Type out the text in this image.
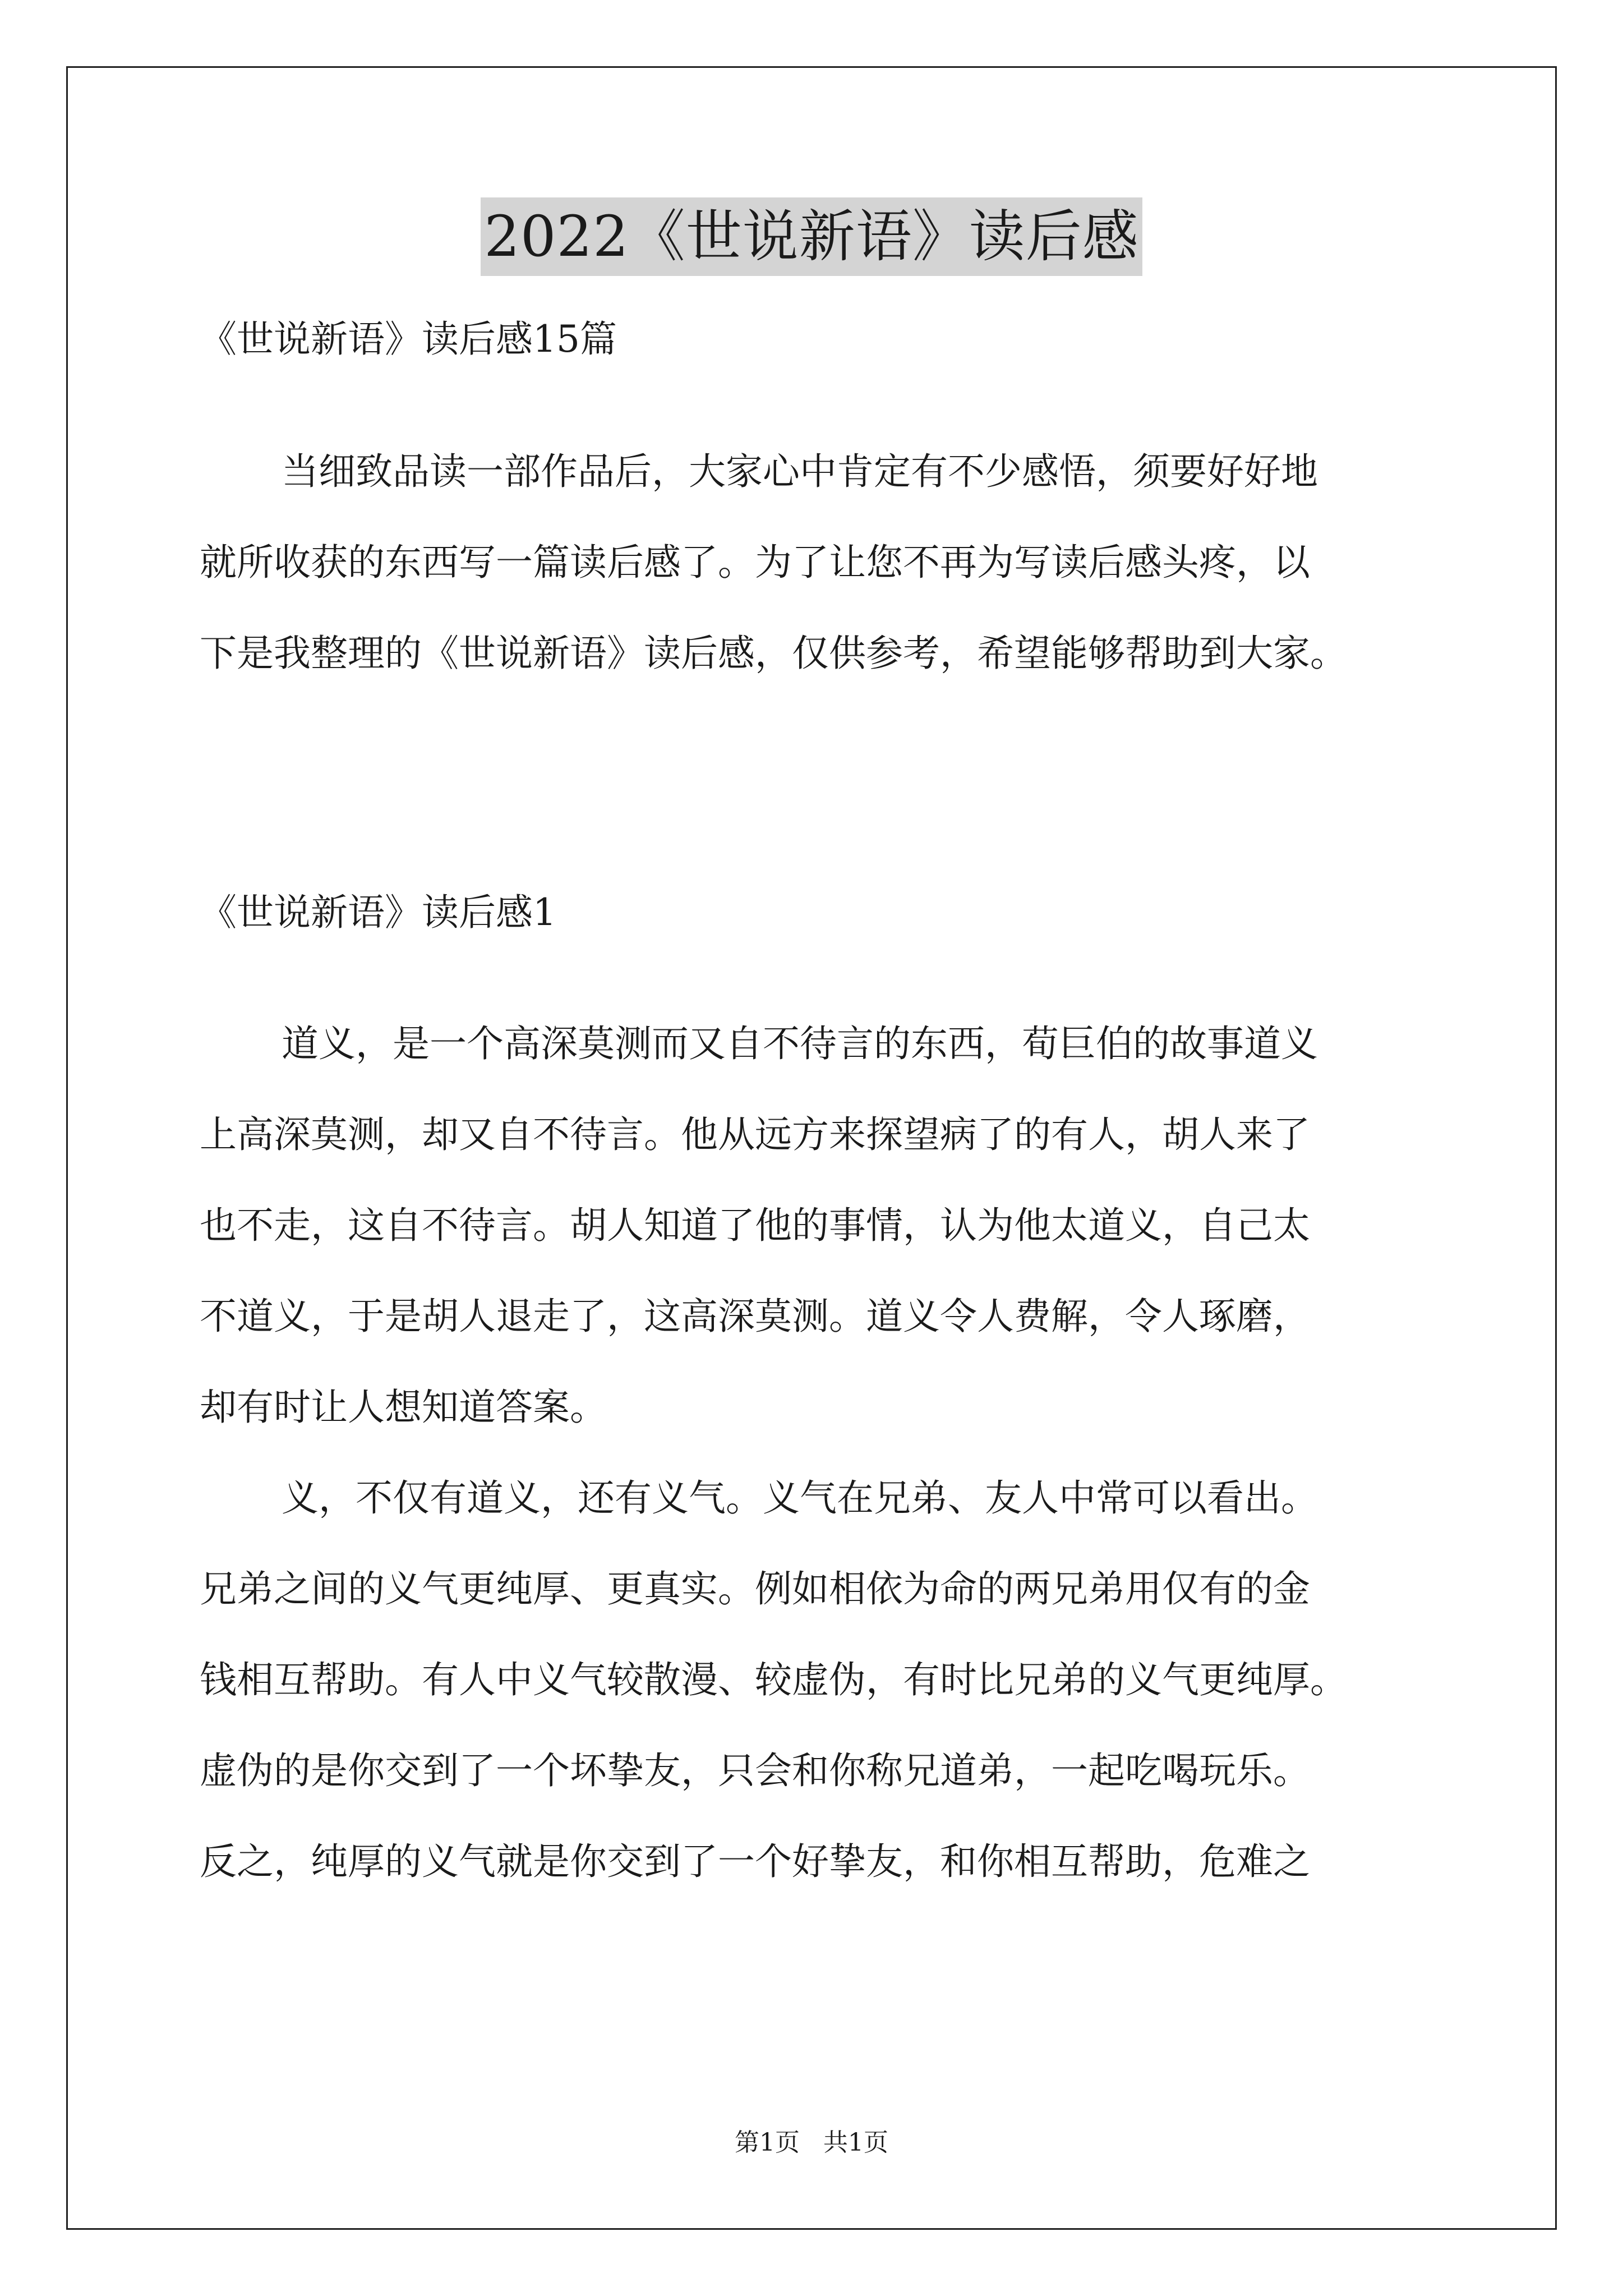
2022《世说新语》读后感
《世说新语》读后感15篇
当细致品读一部作品后，大家心中肯定有不少感悟，须要好好地
就所收获的东西写一篇读后感了。为了让您不再为写读后感头疼，以
下是我整理的《世说新语》读后感，仅供参考，希望能够帮助到大家。
《世说新语》读后感1
道义，是一个高深莫测而又自不待言的东西，荀巨伯的故事道义
上高深莫测，却又自不待言。他从远方来探望病了的有人，胡人来了
也不走，这自不待言。胡人知道了他的事情，认为他太道义，自己太
不道义，于是胡人退走了，这高深莫测。道义令人费解，令人琢磨，
却有时让人想知道答案。
义，不仅有道义，还有义气。义气在兄弟、友人中常可以看出。
兄弟之间的义气更纯厚、更真实。例如相依为命的两兄弟用仅有的金
钱相互帮助。有人中义气较散漫、较虚伪，有时比兄弟的义气更纯厚。
虚伪的是你交到了一个坏挚友，只会和你称兄道弟，一起吃喝玩乐。
反之，纯厚的义气就是你交到了一个好挚友，和你相互帮助，危难之
第1页   共1页
